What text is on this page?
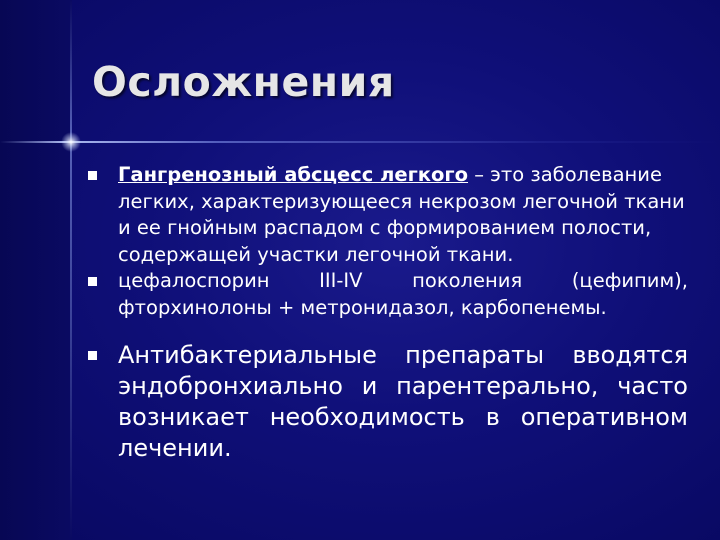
Осложнения
Гангренозный абсцесс легкого – это заболевание легких, характеризующееся некрозом легочной ткани и ее гнойным распадом с формированием полости, содержащей участки легочной ткани.
цефалоспорин III-IV поколения (цефипим), фторхинолоны + метронидазол, карбопенемы.
Антибактериальные препараты вводятся эндобронхиально и парентерально, часто возникает необходимость в оперативном лечении.
